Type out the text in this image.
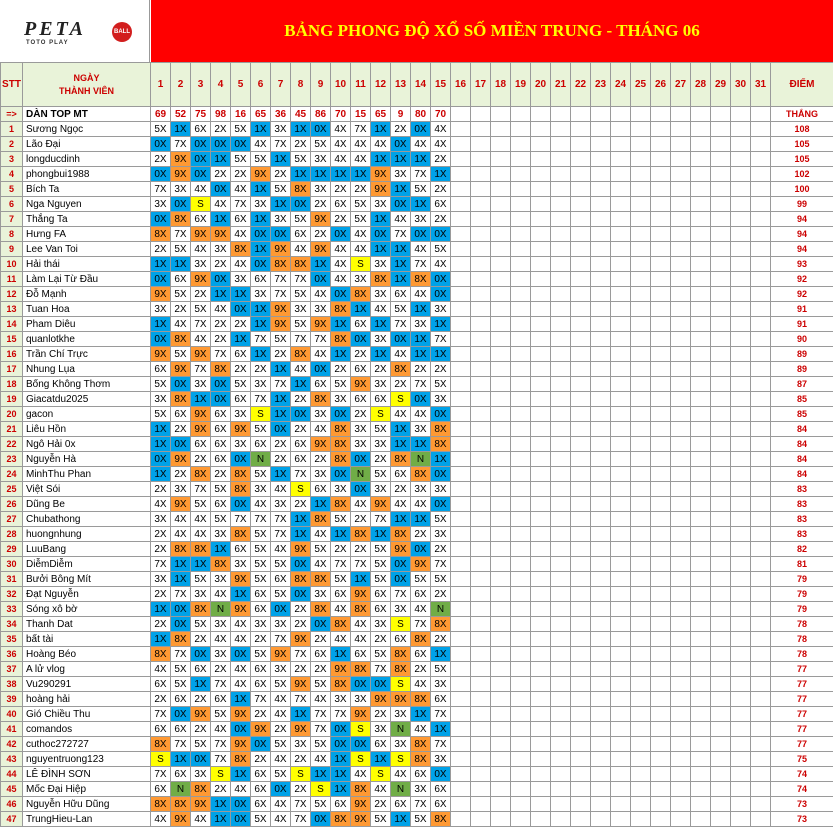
PETA	BALL
TOTO PLAY
BẢNG PHONG ĐỘ XỔ SỐ MIỀN TRUNG - THÁNG 06
STT	NGÀY
THÀNH VIÊN	1	2	3	4	5	6	7	8	9	10	11	12	13	14	15	16	17	18	19	20	21	22	23	24	25	26	27	28	29	30	31	ĐIỂM
=>	DÀN TOP MT	69	52	75	98	16	65	36	45	86	70	15	65	9	80	70																	THẮNG
1	Sương Ngọc	5X	1X	6X	2X	5X	1X	3X	1X	0X	4X	7X	1X	2X	0X	4X																	108
2	Lão Đại	0X	7X	0X	0X	0X	4X	7X	2X	5X	4X	4X	4X	0X	4X	4X																	105
3	longducdinh	2X	9X	0X	1X	5X	5X	1X	5X	3X	4X	4X	1X	1X	1X	2X																	105
4	phongbui1988	0X	9X	0X	2X	2X	9X	2X	1X	1X	1X	1X	9X	3X	7X	1X																	102
5	Bích Ta	7X	3X	4X	0X	4X	1X	5X	8X	3X	2X	2X	9X	1X	5X	2X																	100
6	Nga Nguyen	3X	0X	S	4X	7X	3X	1X	0X	2X	6X	5X	3X	0X	1X	6X																	99
7	Thắng Ta	0X	8X	6X	1X	6X	1X	3X	5X	9X	2X	5X	1X	4X	3X	2X																	94
8	Hưng FA	8X	7X	9X	9X	4X	0X	0X	6X	2X	0X	4X	0X	7X	0X	0X																	94
9	Lee Van Toi	2X	5X	4X	3X	8X	1X	9X	4X	9X	4X	4X	1X	1X	4X	5X																	94
10	Hải thái	1X	1X	3X	2X	4X	0X	8X	8X	1X	4X	S	3X	1X	7X	4X																	93
11	Làm Lại Từ Đầu	0X	6X	9X	0X	3X	6X	7X	7X	0X	4X	3X	8X	1X	8X	0X																	92
12	Đỗ Mạnh	9X	5X	2X	1X	1X	3X	7X	5X	4X	0X	8X	3X	6X	4X	0X																	92
13	Tuan Hoa	3X	2X	5X	4X	0X	1X	9X	3X	3X	8X	1X	4X	5X	1X	3X																	91
14	Pham Diêu	1X	4X	7X	2X	2X	1X	9X	5X	9X	1X	6X	1X	7X	3X	1X																	91
15	quanlotkhe	0X	8X	4X	2X	1X	7X	5X	7X	7X	8X	0X	3X	0X	1X	7X																	90
16	Trần Chí Trực	9X	5X	9X	7X	6X	1X	2X	8X	4X	1X	2X	1X	4X	1X	1X																	89
17	Nhung Lụa	6X	9X	7X	8X	2X	2X	1X	4X	0X	2X	6X	2X	8X	2X	2X																	89
18	Bống Không Thơm	5X	0X	3X	0X	5X	3X	7X	1X	6X	5X	9X	3X	2X	7X	5X																	87
19	Giacatdu2025	3X	8X	1X	0X	6X	7X	1X	2X	8X	3X	6X	6X	S	0X	3X																	85
20	gacon	5X	6X	9X	6X	3X	S	1X	0X	3X	0X	2X	S	4X	4X	0X																	85
21	Liêu Hồn	1X	2X	9X	6X	9X	5X	0X	2X	4X	8X	3X	5X	1X	3X	8X																	84
22	Ngô Hải 0x	1X	0X	6X	6X	3X	6X	2X	6X	9X	8X	3X	3X	1X	1X	8X																	84
23	Nguyễn Hà	0X	9X	2X	6X	0X	N	2X	6X	2X	8X	0X	2X	8X	N	1X																	84
24	MinhThu Phan	1X	2X	8X	2X	8X	5X	1X	7X	3X	0X	N	5X	6X	8X	0X																	84
25	Việt Sói	2X	3X	7X	5X	8X	3X	4X	S	6X	3X	0X	3X	2X	3X	3X																	83
26	Dũng Be	4X	9X	5X	6X	0X	4X	3X	2X	1X	8X	4X	9X	4X	4X	0X																	83
27	Chubathong	3X	4X	4X	5X	7X	7X	7X	1X	8X	5X	2X	7X	1X	1X	5X																	83
28	huongnhung	2X	4X	4X	3X	8X	5X	7X	1X	4X	1X	8X	1X	8X	2X	3X																	83
29	LuuBang	2X	8X	8X	1X	6X	5X	4X	9X	5X	2X	2X	5X	9X	0X	2X																	82
30	DiễmDiễm	7X	1X	1X	8X	3X	5X	5X	0X	4X	7X	7X	5X	0X	9X	7X																	81
31	Bưởi Bông Mít	3X	1X	5X	3X	9X	5X	6X	8X	8X	5X	1X	5X	0X	5X	5X																	79
32	Đạt Nguyễn	2X	7X	3X	4X	1X	6X	5X	0X	3X	6X	9X	6X	7X	6X	2X																	79
33	Sóng xô bờ	1X	0X	8X	N	9X	6X	0X	2X	8X	4X	8X	6X	3X	4X	N																	79
34	Thanh Dat	2X	0X	5X	3X	4X	3X	3X	2X	0X	8X	4X	3X	S	7X	8X																	78
35	bất tài	1X	8X	2X	4X	4X	2X	7X	9X	2X	4X	4X	2X	6X	8X	2X																	78
36	Hoàng Béo	8X	7X	0X	3X	0X	5X	9X	7X	6X	1X	6X	5X	8X	6X	1X																	78
37	A lử vlog	4X	5X	6X	2X	4X	6X	3X	2X	2X	9X	8X	7X	8X	2X	5X																	77
38	Vu290291	6X	5X	1X	7X	4X	6X	5X	9X	5X	8X	0X	0X	S	4X	3X																	77
39	hoàng hải	2X	6X	2X	6X	1X	7X	4X	7X	4X	3X	3X	9X	9X	8X	6X																	77
40	Gió Chiều Thu	7X	0X	9X	5X	9X	2X	4X	1X	7X	7X	9X	2X	3X	1X	7X																	77
41	comandos	6X	6X	2X	4X	0X	9X	2X	9X	7X	0X	S	3X	N	4X	1X																	77
42	cuthoc272727	8X	7X	5X	7X	9X	0X	5X	3X	5X	0X	0X	6X	3X	8X	7X																	77
43	nguyentruong123	S	1X	0X	7X	8X	2X	4X	2X	4X	1X	S	1X	S	8X	3X																	75
44	LÊ ĐÌNH SƠN	7X	6X	3X	S	1X	6X	5X	S	1X	1X	4X	S	4X	6X	0X																	74
45	Mốc Đại Hiệp	6X	N	8X	2X	4X	6X	0X	2X	S	1X	8X	4X	N	3X	6X																	74
46	Nguyễn Hữu Dũng	8X	8X	9X	1X	0X	6X	4X	7X	5X	6X	9X	2X	6X	7X	6X																	73
47	TrungHieu-Lan	4X	9X	4X	1X	0X	5X	4X	7X	0X	8X	9X	5X	1X	5X	8X																	73
